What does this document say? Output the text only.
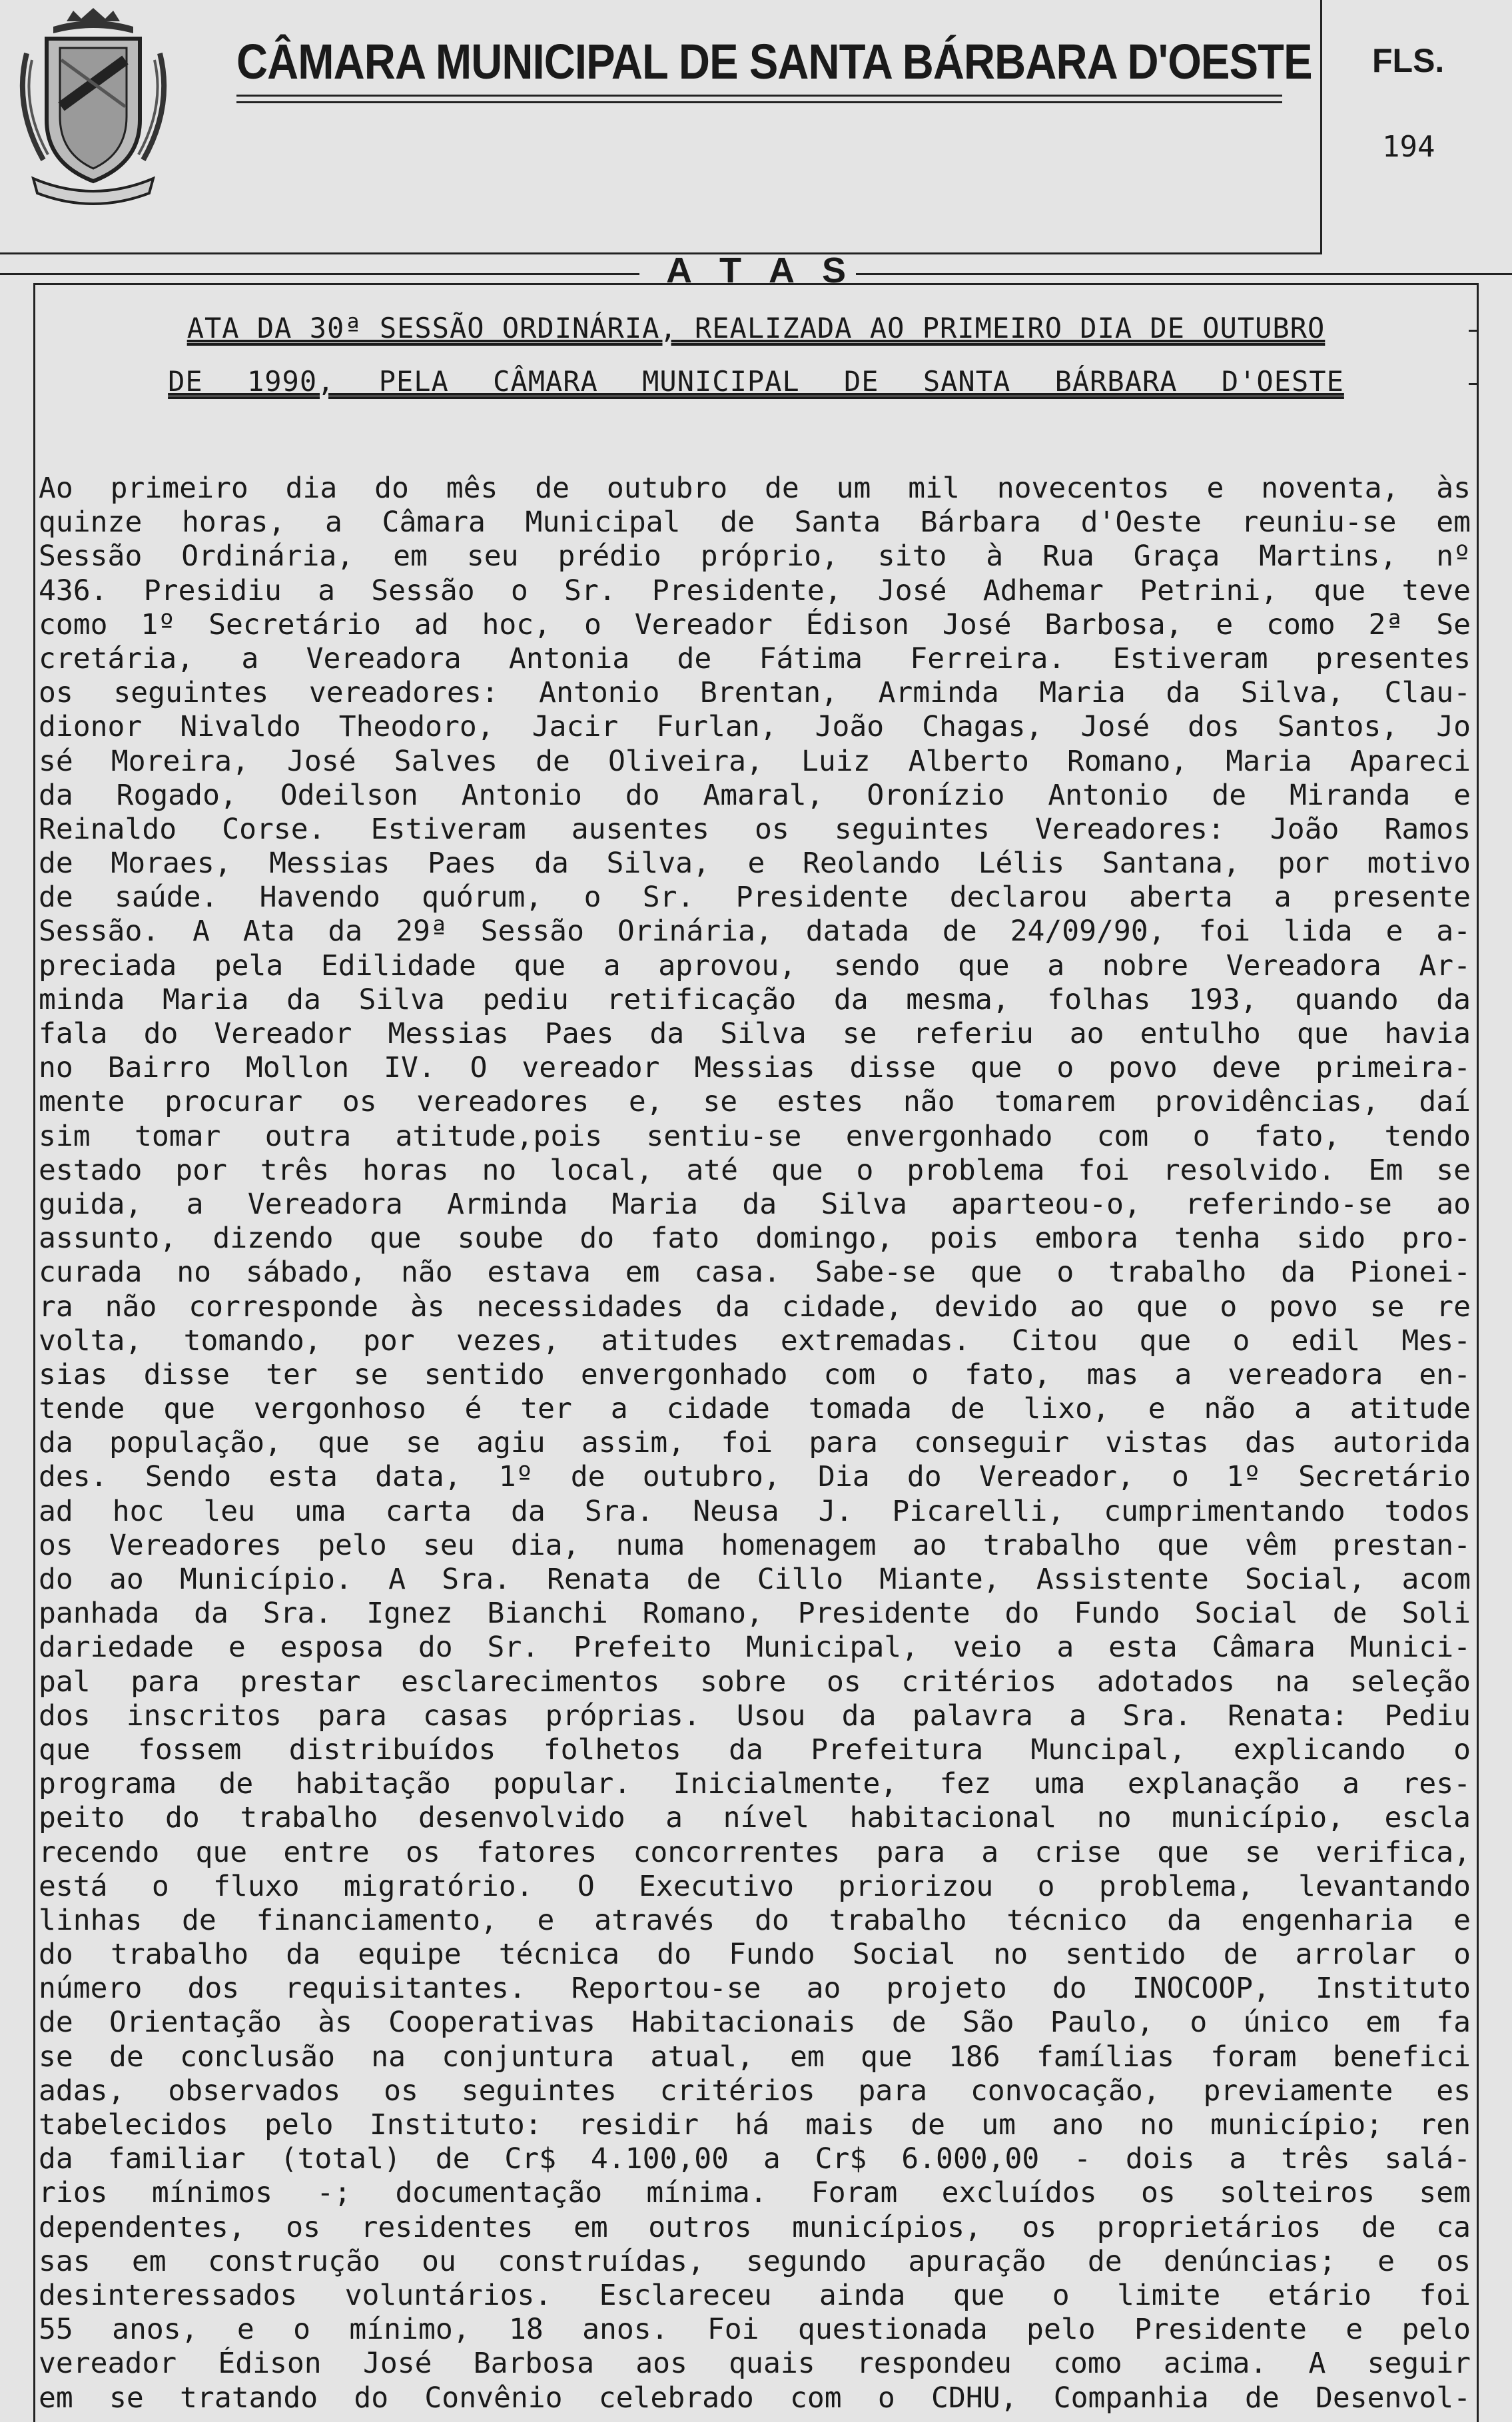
CÂMARA MUNICIPAL DE SANTA BÁRBARA D'OESTE FLS.
194
A T A S
ATA DA 30ª SESSÃO ORDINÁRIA, REALIZADA AO PRIMEIRO DIA DE OUTUBRO
DE 1990, PELA CÂMARA MUNICIPAL DE SANTA BÁRBARA D'OESTE
Ao primeiro dia do mês de outubro de um mil novecentos e noventa, às
quinze horas, a Câmara Municipal de Santa Bárbara d'Oeste reuniu-se em
Sessão Ordinária, em seu prédio próprio, sito à Rua Graça Martins, nº
436. Presidiu a Sessão o Sr. Presidente, José Adhemar Petrini, que teve
como 1º Secretário ad hoc, o Vereador Édison José Barbosa, e como 2ª Se
cretária, a Vereadora Antonia de Fátima Ferreira. Estiveram presentes
os seguintes vereadores: Antonio Brentan, Arminda Maria da Silva, Clau-
dionor Nivaldo Theodoro, Jacir Furlan, João Chagas, José dos Santos, Jo
sé Moreira, José Salves de Oliveira, Luiz Alberto Romano, Maria Apareci
da Rogado, Odeilson Antonio do Amaral, Oronízio Antonio de Miranda e
Reinaldo Corse. Estiveram ausentes os seguintes Vereadores: João Ramos
de Moraes, Messias Paes da Silva, e Reolando Lélis Santana, por motivo
de saúde. Havendo quórum, o Sr. Presidente declarou aberta a presente
Sessão. A Ata da 29ª Sessão Orinária, datada de 24/09/90, foi lida e a-
preciada pela Edilidade que a aprovou, sendo que a nobre Vereadora Ar-
minda Maria da Silva pediu retificação da mesma, folhas 193, quando da
fala do Vereador Messias Paes da Silva se referiu ao entulho que havia
no Bairro Mollon IV. O vereador Messias disse que o povo deve primeira-
mente procurar os vereadores e, se estes não tomarem providências, daí
sim tomar outra atitude,pois sentiu-se envergonhado com o fato, tendo
estado por três horas no local, até que o problema foi resolvido. Em se
guida, a Vereadora Arminda Maria da Silva aparteou-o, referindo-se ao
assunto, dizendo que soube do fato domingo, pois embora tenha sido pro-
curada no sábado, não estava em casa. Sabe-se que o trabalho da Pionei-
ra não corresponde às necessidades da cidade, devido ao que o povo se re
volta, tomando, por vezes, atitudes extremadas. Citou que o edil Mes-
sias disse ter se sentido envergonhado com o fato, mas a vereadora en-
tende que vergonhoso é ter a cidade tomada de lixo, e não a atitude
da população, que se agiu assim, foi para conseguir vistas das autorida
des. Sendo esta data, 1º de outubro, Dia do Vereador, o 1º Secretário
ad hoc leu uma carta da Sra. Neusa J. Picarelli, cumprimentando todos
os Vereadores pelo seu dia, numa homenagem ao trabalho que vêm prestan-
do ao Município. A Sra. Renata de Cillo Miante, Assistente Social, acom
panhada da Sra. Ignez Bianchi Romano, Presidente do Fundo Social de Soli
dariedade e esposa do Sr. Prefeito Municipal, veio a esta Câmara Munici-
pal para prestar esclarecimentos sobre os critérios adotados na seleção
dos inscritos para casas próprias. Usou da palavra a Sra. Renata: Pediu
que fossem distribuídos folhetos da Prefeitura Muncipal, explicando o
programa de habitação popular. Inicialmente, fez uma explanação a res-
peito do trabalho desenvolvido a nível habitacional no município, escla
recendo que entre os fatores concorrentes para a crise que se verifica,
está o fluxo migratório. O Executivo priorizou o problema, levantando
linhas de financiamento, e através do trabalho técnico da engenharia e
do trabalho da equipe técnica do Fundo Social no sentido de arrolar o
número dos requisitantes. Reportou-se ao projeto do INOCOOP, Instituto
de Orientação às Cooperativas Habitacionais de São Paulo, o único em fa
se de conclusão na conjuntura atual, em que 186 famílias foram benefici
adas, observados os seguintes critérios para convocação, previamente es
tabelecidos pelo Instituto: residir há mais de um ano no município; ren
da familiar (total) de Cr$ 4.100,00 a Cr$ 6.000,00 - dois a três salá-
rios mínimos -; documentação mínima. Foram excluídos os solteiros sem
dependentes, os residentes em outros municípios, os proprietários de ca
sas em construção ou construídas, segundo apuração de denúncias; e os
desinteressados voluntários. Esclareceu ainda que o limite etário foi
55 anos, e o mínimo, 18 anos. Foi questionada pelo Presidente e pelo
vereador Édison José Barbosa aos quais respondeu como acima. A seguir
em se tratando do Convênio celebrado com o CDHU, Companhia de Desenvol-
